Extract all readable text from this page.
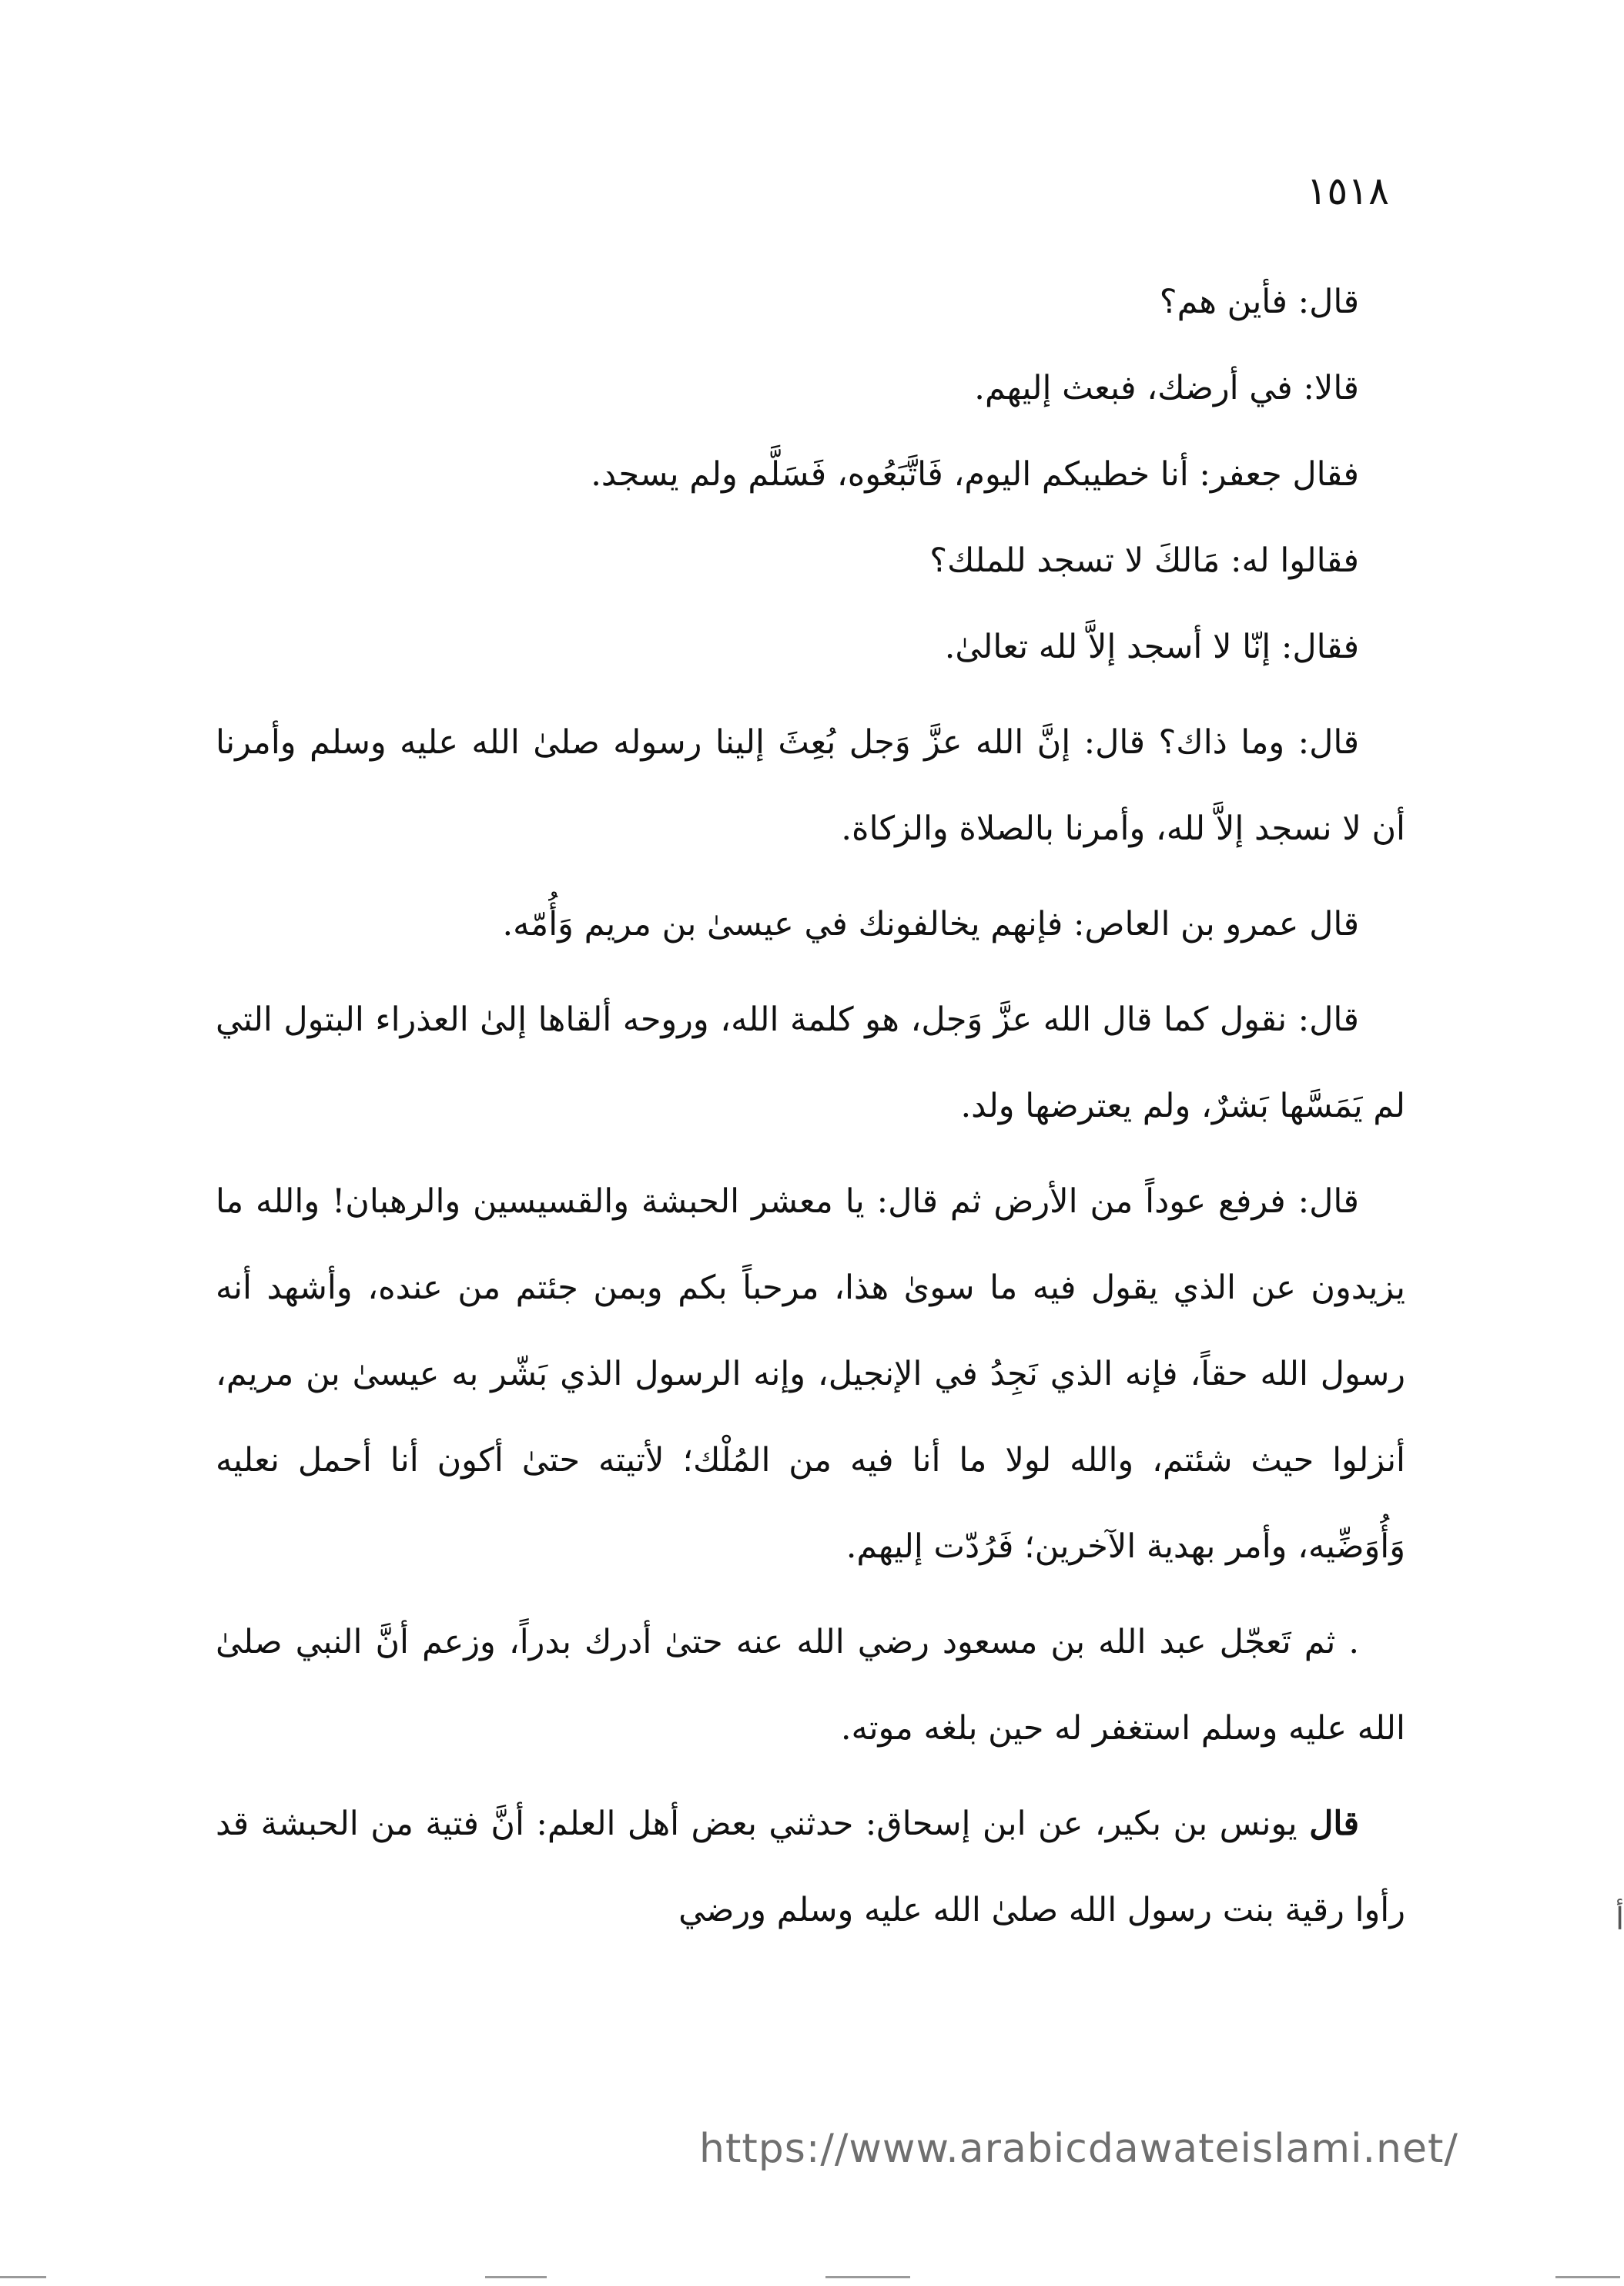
١٥١٨

قال: فأين هم؟

قالا: في أرضك، فبعث إليهم.

فقال جعفر: أنا خطيبكم اليوم، فَاتَّبَعُوه، فَسَلَّم ولم يسجد.

فقالوا له: مَالكَ لا تسجد للملك؟

فقال: إنّا لا أسجد إلاَّ لله تعالىٰ.

قال: وما ذاك؟ قال: إنَّ الله عزَّ وَجل بُعِثَ إلينا رسوله صلىٰ الله عليه وسلم وأمرنا أن لا نسجد إلاَّ لله، وأمرنا بالصلاة والزكاة.

قال عمرو بن العاص: فإنهم يخالفونك في عيسىٰ بن مريم وَأُمّه.

قال: نقول كما قال الله عزَّ وَجل، هو كلمة الله، وروحه ألقاها إلىٰ العذراء البتول التي لم يَمَسَّها بَشرٌ، ولم يعترضها ولد.

قال: فرفع عوداً من الأرض ثم قال: يا معشر الحبشة والقسيسين والرهبان! والله ما يزيدون عن الذي يقول فيه ما سوىٰ هذا، مرحباً بكم وبمن جئتم من عنده، وأشهد أنه رسول الله حقاً، فإنه الذي نَجِدُ في الإنجيل، وإنه الرسول الذي بَشّر به عيسىٰ بن مريم، أنزلوا حيث شئتم، والله لولا ما أنا فيه من المُلْك؛ لأتيته حتىٰ أكون أنا أحمل نعليه وَأُوَضِّيه، وأمر بهدية الآخرين؛ فَرُدّت إليهم.

. ثم تَعجّل عبد الله بن مسعود رضي الله عنه حتىٰ أدرك بدراً، وزعم أنَّ النبي صلىٰ الله عليه وسلم استغفر له حين بلغه موته.

قال يونس بن بكير، عن ابن إسحاق: حدثني بعض أهل العلم: أنَّ فتية من الحبشة قد رأوا رقية بنت رسول الله صلىٰ الله عليه وسلم ورضي

https://www.arabicdawateislami.net/
أ
